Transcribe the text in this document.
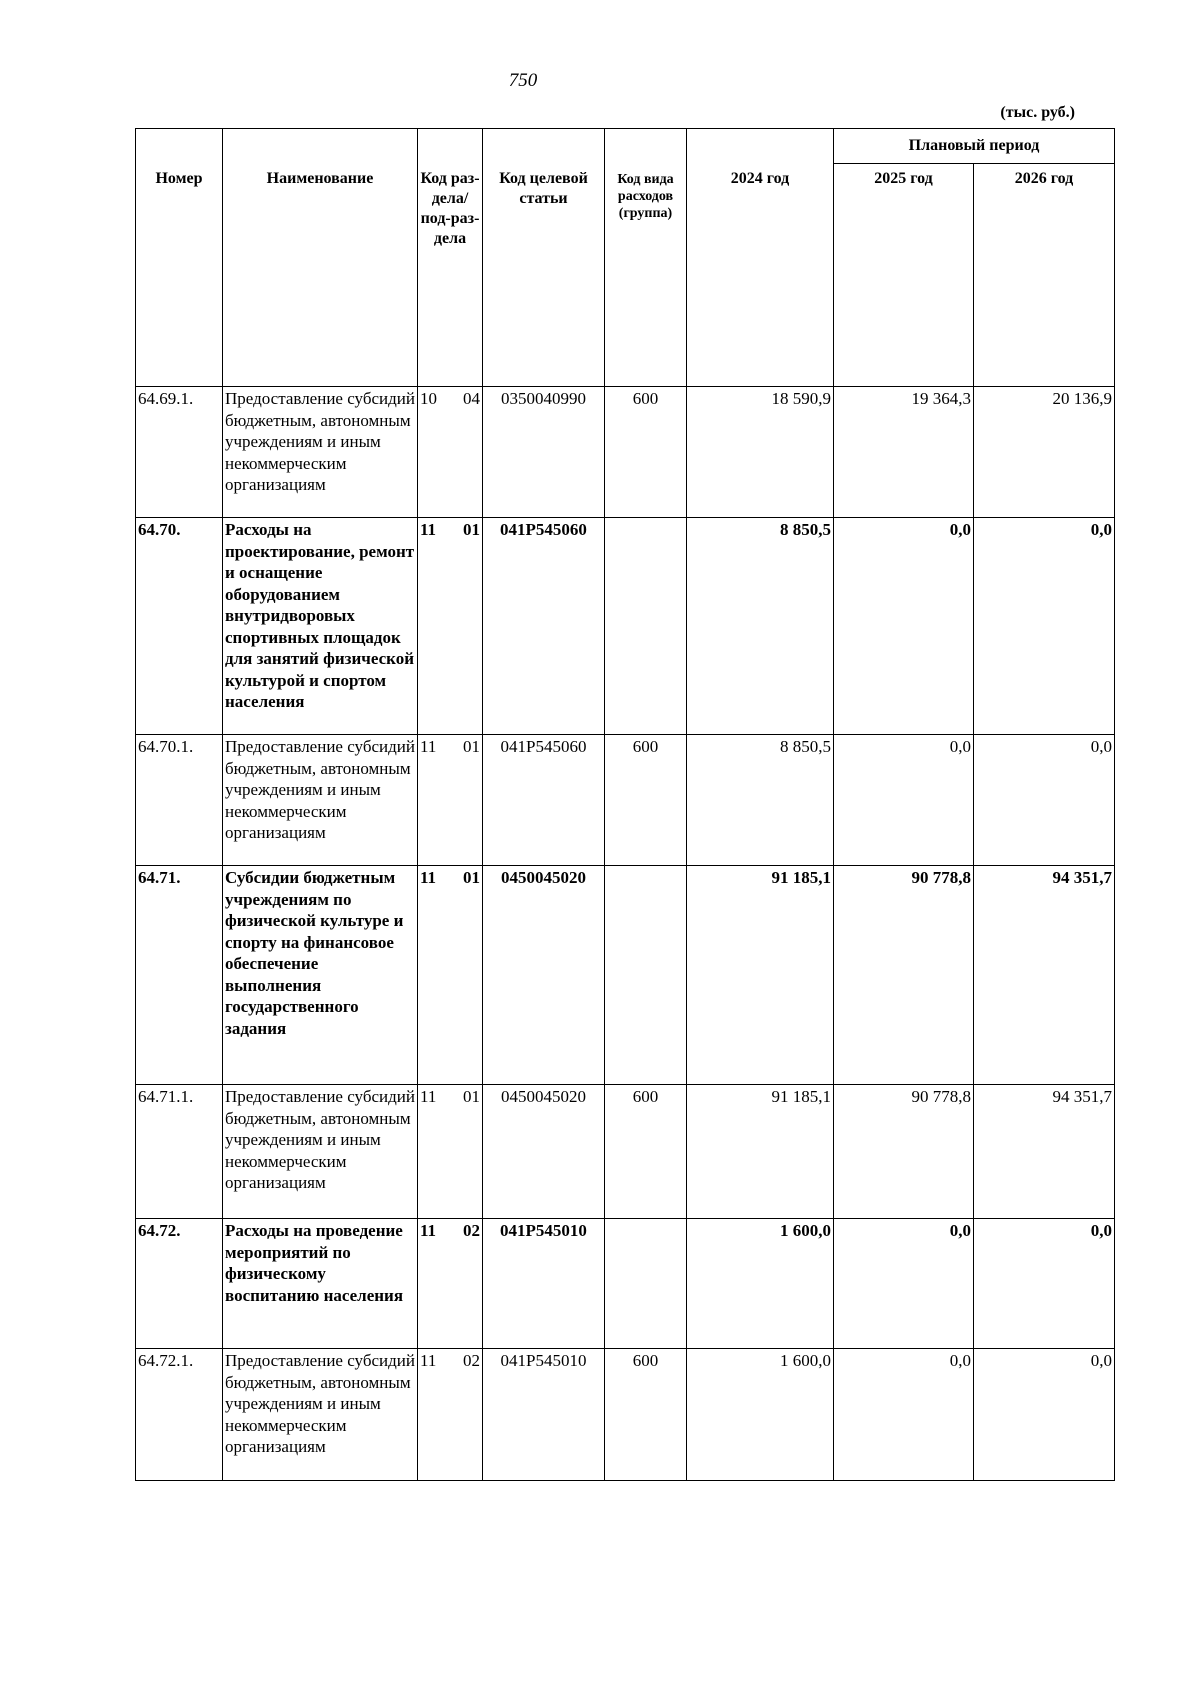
750
(тыс. руб.)
Номер	Наименование	Код раз-дела/ под-раз-дела	Код целевой статьи	Код вида расходов (группа)	2024 год	Плановый период	
						2025 год	2026 год
64.69.1.	Предоставление субсидий бюджетным, автономным учреждениям и иным некоммерческим организациям	10 04	0350040990	600	18 590,9	19 364,3	20 136,9
64.70.	Расходы на проектирование, ремонт и оснащение оборудованием внутридворовых спортивных площадок для занятий физической культурой и спортом населения	11 01	041Р545060		8 850,5	0,0	0,0
64.70.1.	Предоставление субсидий бюджетным, автономным учреждениям и иным некоммерческим организациям	11 01	041Р545060	600	8 850,5	0,0	0,0
64.71.	Субсидии бюджетным учреждениям по физической культуре и спорту на финансовое обеспечение выполнения государственного задания	11 01	0450045020		91 185,1	90 778,8	94 351,7
64.71.1.	Предоставление субсидий бюджетным, автономным учреждениям и иным некоммерческим организациям	11 01	0450045020	600	91 185,1	90 778,8	94 351,7
64.72.	Расходы на проведение мероприятий по физическому воспитанию населения	11 02	041Р545010		1 600,0	0,0	0,0
64.72.1.	Предоставление субсидий бюджетным, автономным учреждениям и иным некоммерческим организациям	11 02	041Р545010	600	1 600,0	0,0	0,0
